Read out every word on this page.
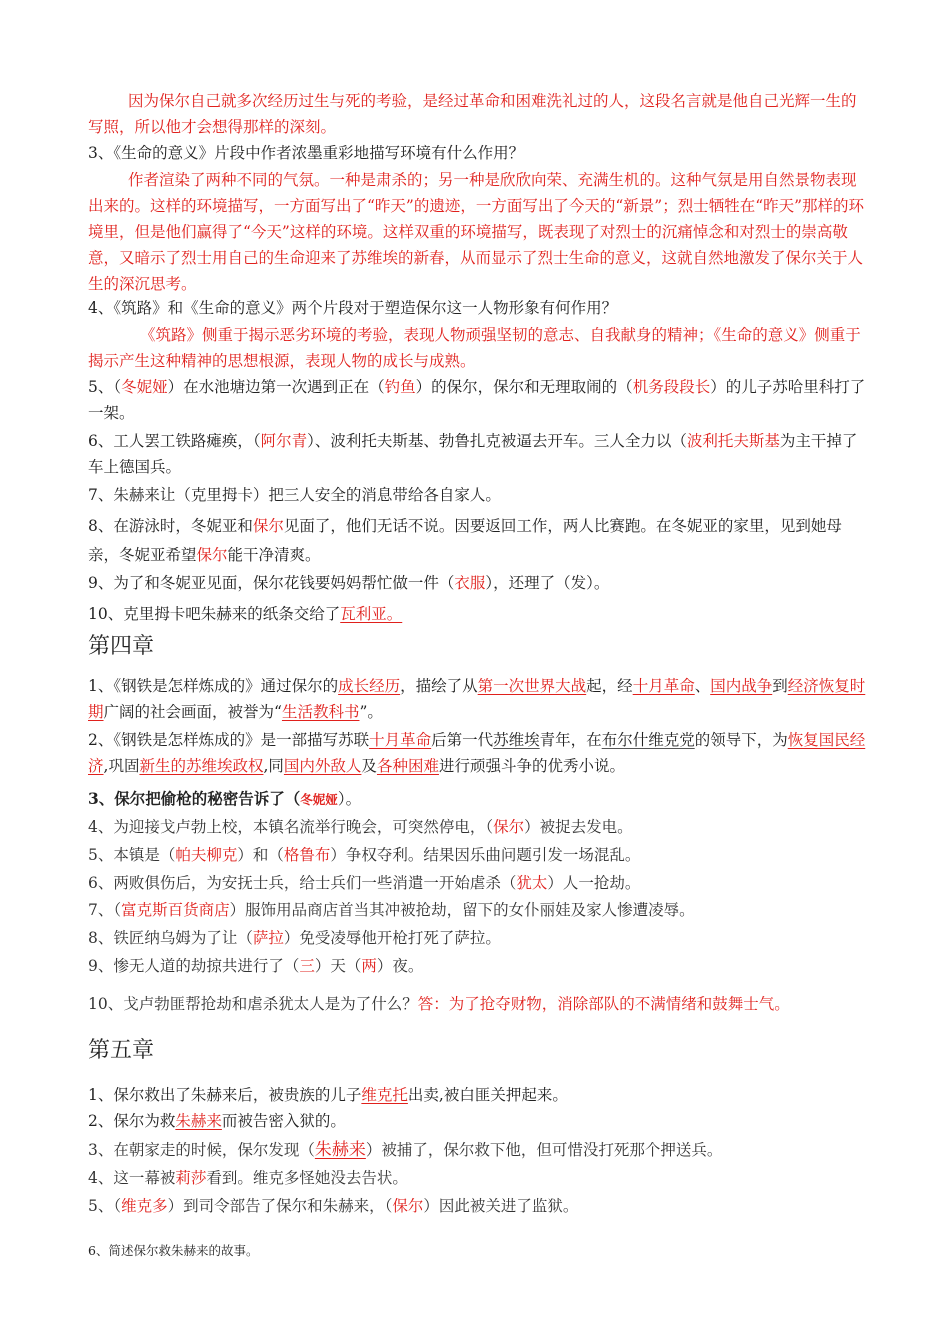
因为保尔自己就多次经历过生与死的考验，是经过革命和困难洗礼过的人，这段名言就是他自己光辉一生的写照，所以他才会想得那样的深刻。

3、《生命的意义》片段中作者浓墨重彩地描写环境有什么作用？

作者渲染了两种不同的气氛。一种是肃杀的；另一种是欣欣向荣、充满生机的。这种气氛是用自然景物表现出来的。这样的环境描写，一方面写出了“昨天”的遗迹，一方面写出了今天的“新景”；烈士牺牲在“昨天”那样的环境里，但是他们赢得了“今天”这样的环境。这样双重的环境描写，既表现了对烈士的沉痛悼念和对烈士的崇高敬意，又暗示了烈士用自己的生命迎来了苏维埃的新春，从而显示了烈士生命的意义，这就自然地激发了保尔关于人生的深沉思考。

4、《筑路》和《生命的意义》两个片段对于塑造保尔这一人物形象有何作用？

《筑路》侧重于揭示恶劣环境的考验，表现人物顽强坚韧的意志、自我献身的精神；《生命的意义》侧重于揭示产生这种精神的思想根源，表现人物的成长与成熟。

5、（冬妮娅）在水池塘边第一次遇到正在（钓鱼）的保尔，保尔和无理取闹的（机务段段长）的儿子苏哈里科打了一架。

6、工人罢工铁路瘫痪，（阿尔青）、波利托夫斯基、勃鲁扎克被逼去开车。三人全力以（波利托夫斯基为主干掉了车上德国兵。

7、朱赫来让（克里拇卡）把三人安全的消息带给各自家人。

8、在游泳时，冬妮亚和保尔见面了，他们无话不说。因要返回工作，两人比赛跑。在冬妮亚的家里，见到她母亲，冬妮亚希望保尔能干净清爽。

9、为了和冬妮亚见面，保尔花钱要妈妈帮忙做一件（衣服），还理了（发）。

10、克里拇卡吧朱赫来的纸条交给了瓦利亚。

第四章

1、《钢铁是怎样炼成的》通过保尔的成长经历，描绘了从第一次世界大战起，经十月革命、国内战争到经济恢复时期广阔的社会画面，被誉为“生活教科书”。

2、《钢铁是怎样炼成的》是一部描写苏联十月革命后第一代苏维埃青年，在布尔什维克党的领导下，为恢复国民经济,巩固新生的苏维埃政权,同国内外敌人及各种困难进行顽强斗争的优秀小说。

3、保尔把偷枪的秘密告诉了（冬妮娅）。

4、为迎接戈卢勃上校，本镇名流举行晚会，可突然停电，（保尔）被捉去发电。

5、本镇是（帕夫柳克）和（格鲁布）争权夺利。结果因乐曲问题引发一场混乱。

6、两败俱伤后，为安抚士兵，给士兵们一些消遣一开始虐杀（犹太）人一抢劫。

7、（富克斯百货商店）服饰用品商店首当其冲被抢劫，留下的女仆丽娃及家人惨遭凌辱。

8、铁匠纳乌姆为了让（萨拉）免受凌辱他开枪打死了萨拉。

9、惨无人道的劫掠共进行了（三）天（两）夜。

10、戈卢勃匪帮抢劫和虐杀犹太人是为了什么？答：为了抢夺财物，消除部队的不满情绪和鼓舞士气。

第五章

1、保尔救出了朱赫来后，被贵族的儿子维克托出卖,被白匪关押起来。

2、保尔为救朱赫来而被告密入狱的。

3、在朝家走的时候，保尔发现（朱赫来）被捕了，保尔救下他，但可惜没打死那个押送兵。

4、这一幕被莉莎看到。维克多怪她没去告状。

5、（维克多）到司令部告了保尔和朱赫来，（保尔）因此被关进了监狱。

6、简述保尔救朱赫来的故事。
